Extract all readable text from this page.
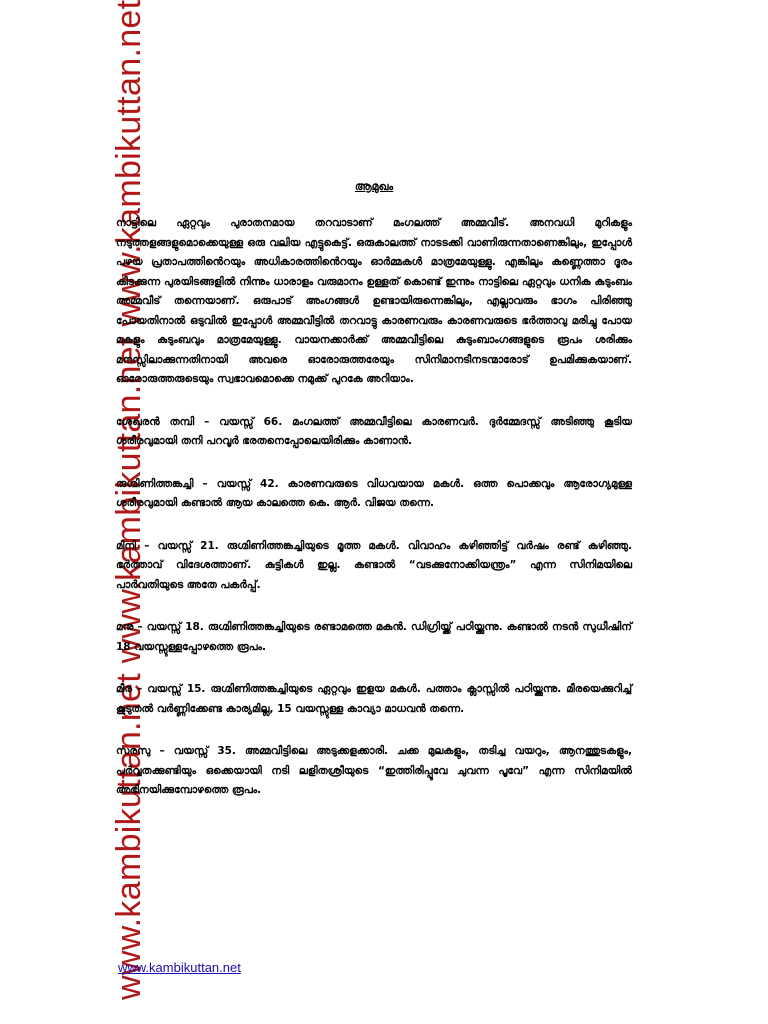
www.kambikuttan.net www.kambikuttan.net www.kambikuttan.net	ആമുഖം

നാട്ടിലെ ഏറ്റവും പുരാതനമായ തറവാടാണ് മംഗലത്ത് അമ്മവീട്. അനവധി മുറികളും നടുത്തളങ്ങളുമൊക്കെയുള്ള ഒരു വലിയ എട്ടുകെട്ട്. ഒരുകാലത്ത് നാടടക്കി വാണിരുന്നതാണെങ്കിലും, ഇപ്പോൾ പഴയ പ്രതാപത്തിൻെറയും അധികാരത്തിൻെറയും ഓർമ്മകൾ മാത്രമേയുള്ളു. എങ്കിലും കണ്ണെത്താ ദൂരം കിടക്കുന്ന പുരയിടങ്ങളിൽ നിന്നും ധാരാളം വരുമാനം ഉള്ളത് കൊണ്ട് ഇന്നും നാട്ടിലെ ഏറ്റവും ധനിക കുടുംബം അമ്മവീട് തന്നെയാണ്. ഒരുപാട് അംഗങ്ങൾ ഉണ്ടായിരുന്നെങ്കിലും, എല്ലാവരും ഭാഗം പിരിഞ്ഞു പോയതിനാൽ ഒടുവിൽ ഇപ്പോൾ അമ്മവീട്ടിൽ തറവാട്ടു കാരണവരും കാരണവരുടെ ഭർത്താവു മരിച്ചു പോയ മകളും കുടുംബവും മാത്രമേയുള്ളു. വായനക്കാർക്ക് അമ്മവീട്ടിലെ കുടുംബാംഗങ്ങളുടെ രൂപം ശരിക്കും മനസ്സിലാക്കുന്നതിനായി അവരെ ഓരോരുത്തരേയും സിനിമാനടീനടന്മാരോട് ഉപമിക്കുകയാണ്. ഓരോരുത്തരുടെയും സ്വഭാവമൊക്കെ നമുക്ക് പുറകേ അറിയാം.

ശേഖരൻ തമ്പി – വയസ്സ് 66. മംഗലത്ത് അമ്മവീട്ടിലെ കാരണവർ. ദുർമ്മേദസ്സ് അടിഞ്ഞു കൂടിയ ശരീരവുമായി തനി പറവൂർ ഭരതനെപ്പോലെയിരിക്കും കാണാൻ.

രുഗ്മിണിത്തങ്കച്ചി – വയസ്സ് 42. കാരണവരുടെ വിധവയായ മകൾ. ഒത്ത പൊക്കവും ആരോഗ്യമുള്ള ശരീരവുമായി കണ്ടാൽ ആയ കാലത്തെ കെ. ആർ. വിജയ തന്നെ.

മിനി – വയസ്സ് 21. രുഗ്മിണിത്തങ്കച്ചിയുടെ മൂത്ത മകൾ. വിവാഹം കഴിഞ്ഞിട്ട് വർഷം രണ്ട് കഴിഞ്ഞു. ഭർത്താവ് വിദേശത്താണ്. കുട്ടികൾ ഇല്ല. കണ്ടാൽ “വടക്കുനോക്കിയന്ത്രം” എന്ന സിനിമയിലെ പാർവതിയുടെ അതേ പകർപ്പ്.

മനു – വയസ്സ് 18. രുഗ്മിണിത്തങ്കച്ചിയുടെ രണ്ടാമത്തെ മകൻ. ഡിഗ്രിയ്ക്ക് പഠിയ്ക്കുന്നു. കണ്ടാൽ നടൻ സുധീഷിന് 18 വയസ്സുള്ളപ്പോഴത്തെ രൂപം.

മീര – വയസ്സ് 15. രുഗ്മിണിത്തങ്കച്ചിയുടെ ഏറ്റവും ഇളയ മകൾ. പത്താം ക്ലാസ്സിൽ പഠിയ്ക്കുന്നു. മീരയെക്കുറിച്ച് കൂടുതൽ വർണ്ണിക്കേണ്ട കാര്യമില്ല, 15 വയസ്സുള്ള കാവ്യാ മാധവൻ തന്നെ.

സരസു – വയസ്സ് 35. അമ്മവീട്ടിലെ അടുക്കളക്കാരി. ചക്ക മുലകളും, തടിച്ച വയറും, ആനത്തുടകളും, പർവ്വതക്കുണ്ടിയും ഒക്കെയായി നടി ലളിതശ്രീയുടെ “ഇത്തിരിപ്പൂവേ ചുവന്ന പൂവേ” എന്ന സിനിമയിൽ അഭിനയിക്കുമ്പോഴത്തെ രൂപം.

www.kambikuttan.net
